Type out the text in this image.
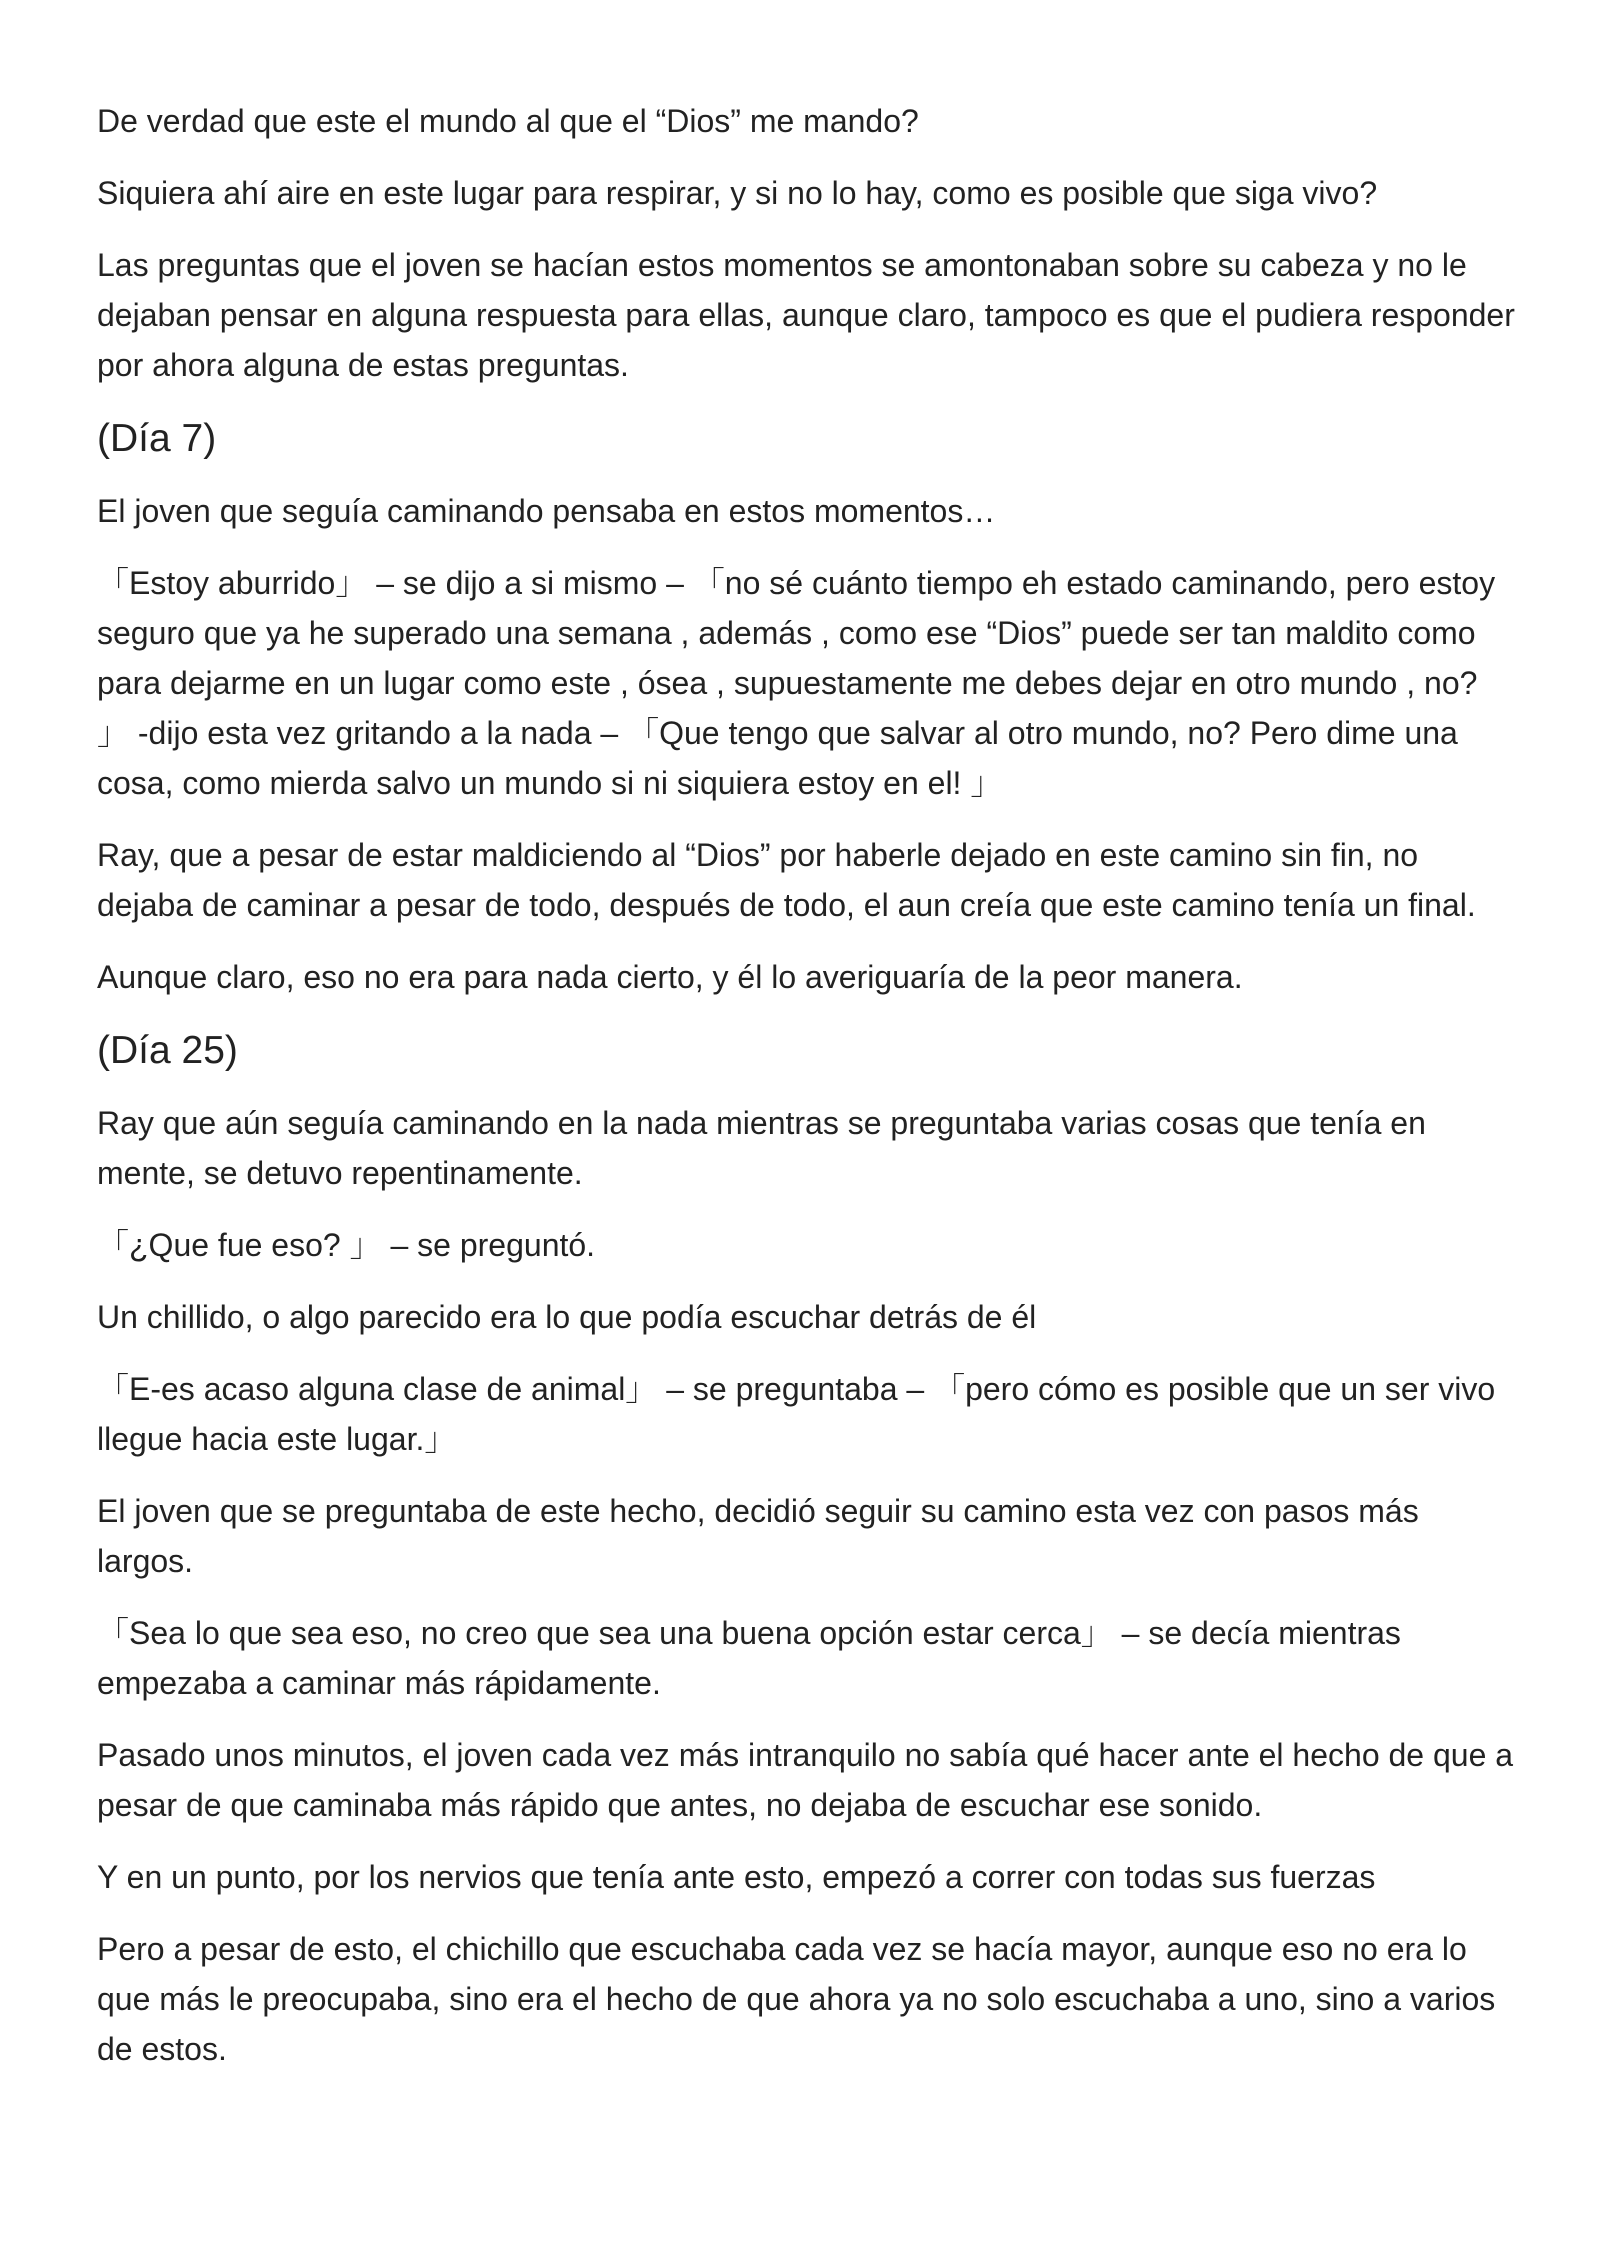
De verdad que este el mundo al que el “Dios” me mando?

Siquiera ahí aire en este lugar para respirar, y si no lo hay, como es posible que siga vivo?

Las preguntas que el joven se hacían estos momentos se amontonaban sobre su cabeza y no le dejaban pensar en alguna respuesta para ellas, aunque claro, tampoco es que el pudiera responder por ahora alguna de estas preguntas.

(Día 7)

El joven que seguía caminando pensaba en estos momentos…

「Estoy aburrido」 – se dijo a si mismo – 「no sé cuánto tiempo eh estado caminando, pero estoy seguro que ya he superado una semana , además , como ese “Dios” puede ser tan maldito como para dejarme en un lugar como este , ósea , supuestamente me debes dejar en otro mundo , no? 」 -dijo esta vez gritando a la nada – 「Que tengo que salvar al otro mundo, no? Pero dime una cosa, como mierda salvo un mundo si ni siquiera estoy en el! 」

Ray, que a pesar de estar maldiciendo al “Dios” por haberle dejado en este camino sin fin, no dejaba de caminar a pesar de todo, después de todo, el aun creía que este camino tenía un final.

Aunque claro, eso no era para nada cierto, y él lo averiguaría de la peor manera.

(Día 25)

Ray que aún seguía caminando en la nada mientras se preguntaba varias cosas que tenía en mente, se detuvo repentinamente.

「¿Que fue eso? 」 – se preguntó.

Un chillido, o algo parecido era lo que podía escuchar detrás de él

「E-es acaso alguna clase de animal」 – se preguntaba – 「pero cómo es posible que un ser vivo llegue hacia este lugar.」

El joven que se preguntaba de este hecho, decidió seguir su camino esta vez con pasos más largos.

「Sea lo que sea eso, no creo que sea una buena opción estar cerca」 – se decía mientras empezaba a caminar más rápidamente.

Pasado unos minutos, el joven cada vez más intranquilo no sabía qué hacer ante el hecho de que a pesar de que caminaba más rápido que antes, no dejaba de escuchar ese sonido.

Y en un punto, por los nervios que tenía ante esto, empezó a correr con todas sus fuerzas

Pero a pesar de esto, el chichillo que escuchaba cada vez se hacía mayor, aunque eso no era lo que más le preocupaba, sino era el hecho de que ahora ya no solo escuchaba a uno, sino a varios de estos.
